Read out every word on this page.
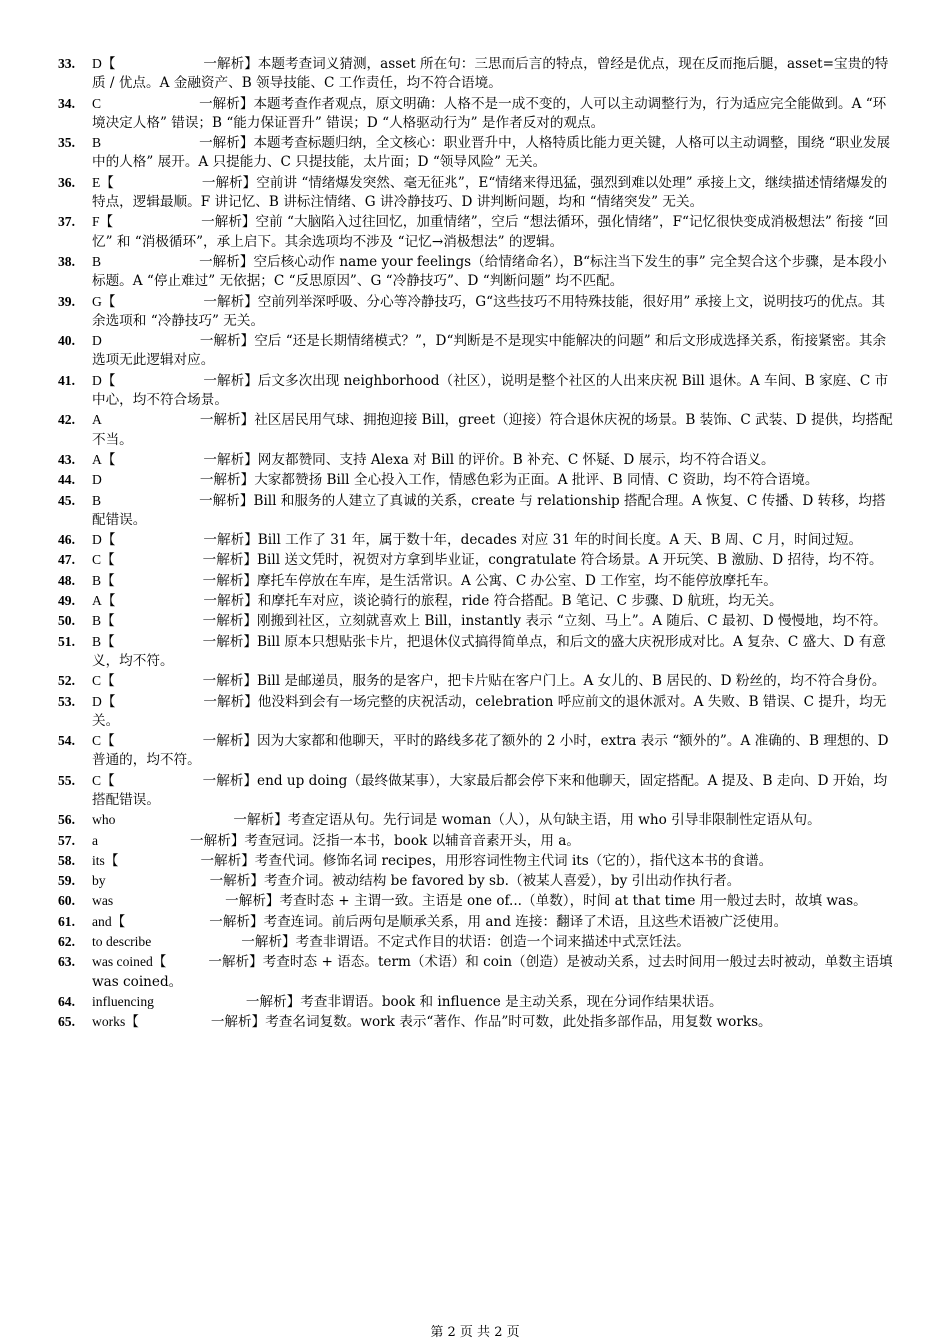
33. D【	一解析】本题考查词义猜测，asset 所在句：三思而后言的特点，曾经是优点，现在反而拖后腿，asset=宝贵的特质 / 优点。A 金融资产、B 领导技能、C 工作责任，均不符合语境。
34. C	一解析】本题考查作者观点，原文明确：人格不是一成不变的，人可以主动调整行为，行为适应完全能做到。A “环境决定人格” 错误；B “能力保证晋升” 错误；D “人格驱动行为” 是作者反对的观点。
35. B	一解析】本题考查标题归纳，全文核心：职业晋升中，人格特质比能力更关键，人格可以主动调整，围绕 “职业发展中的人格” 展开。A 只提能力、C 只提技能，太片面；D “领导风险” 无关。
36. E【	一解析】空前讲 “情绪爆发突然、毫无征兆”，E“情绪来得迅猛，强烈到难以处理” 承接上文，继续描述情绪爆发的特点，逻辑最顺。F 讲记忆、B 讲标注情绪、G 讲冷静技巧、D 讲判断问题，均和 “情绪突发” 无关。
37. F【	一解析】空前 “大脑陷入过往回忆，加重情绪”，空后 “想法循环，强化情绪”，F“记忆很快变成消极想法” 衔接 “回忆” 和 “消极循环”，承上启下。其余选项均不涉及 “记忆→消极想法” 的逻辑。
38. B	一解析】空后核心动作 name your feelings（给情绪命名），B“标注当下发生的事” 完全契合这个步骤，是本段小标题。A “停止难过” 无依据；C “反思原因”、G “冷静技巧”、D “判断问题” 均不匹配。
39. G【	一解析】空前列举深呼吸、分心等冷静技巧，G“这些技巧不用特殊技能，很好用” 承接上文，说明技巧的优点。其余选项和 “冷静技巧” 无关。
40. D	一解析】空后 “还是长期情绪模式？”，D“判断是不是现实中能解决的问题” 和后文形成选择关系，衔接紧密。其余选项无此逻辑对应。
41. D【	一解析】后文多次出现 neighborhood（社区），说明是整个社区的人出来庆祝 Bill 退休。A 车间、B 家庭、C 市中心，均不符合场景。
42. A	一解析】社区居民用气球、拥抱迎接 Bill，greet（迎接）符合退休庆祝的场景。B 装饰、C 武装、D 提供，均搭配不当。
43. A【	一解析】网友都赞同、支持 Alexa 对 Bill 的评价。B 补充、C 怀疑、D 展示，均不符合语义。
44. D	一解析】大家都赞扬 Bill 全心投入工作，情感色彩为正面。A 批评、B 同情、C 资助，均不符合语境。
45. B	一解析】Bill 和服务的人建立了真诚的关系，create 与 relationship 搭配合理。A 恢复、C 传播、D 转移，均搭配错误。
46. D【	一解析】Bill 工作了 31 年，属于数十年，decades 对应 31 年的时间长度。A 天、B 周、C 月，时间过短。
47. C【	一解析】Bill 送文凭时，祝贺对方拿到毕业证，congratulate 符合场景。A 开玩笑、B 激励、D 招待，均不符。
48. B【	一解析】摩托车停放在车库，是生活常识。A 公寓、C 办公室、D 工作室，均不能停放摩托车。
49. A【	一解析】和摩托车对应，谈论骑行的旅程，ride 符合搭配。B 笔记、C 步骤、D 航班，均无关。
50. B【	一解析】刚搬到社区，立刻就喜欢上 Bill，instantly 表示 “立刻、马上”。A 随后、C 最初、D 慢慢地，均不符。
51. B【	一解析】Bill 原本只想贴张卡片，把退休仪式搞得简单点，和后文的盛大庆祝形成对比。A 复杂、C 盛大、D 有意义，均不符。
52. C【	一解析】Bill 是邮递员，服务的是客户，把卡片贴在客户门上。A 女儿的、B 居民的、D 粉丝的，均不符合身份。
53. D【	一解析】他没料到会有一场完整的庆祝活动，celebration 呼应前文的退休派对。A 失败、B 错误、C 提升，均无关。
54. C【	一解析】因为大家都和他聊天，平时的路线多花了额外的 2 小时，extra 表示 “额外的”。A 准确的、B 理想的、D 普通的，均不符。
55. C【	一解析】end up doing（最终做某事），大家最后都会停下来和他聊天，固定搭配。A 提及、B 走向、D 开始，均搭配错误。
56. who	一解析】考查定语从句。先行词是 woman（人），从句缺主语，用 who 引导非限制性定语从句。
57. a	一解析】考查冠词。泛指一本书，book 以辅音音素开头，用 a。
58. its【	一解析】考查代词。修饰名词 recipes，用形容词性物主代词 its（它的），指代这本书的食谱。
59. by	一解析】考查介词。被动结构 be favored by sb.（被某人喜爱），by 引出动作执行者。
60. was	一解析】考查时态 + 主谓一致。主语是 one of...（单数），时间 at that time 用一般过去时，故填 was。
61. and【	一解析】考查连词。前后两句是顺承关系，用 and 连接：翻译了术语，且这些术语被广泛使用。
62. to describe	一解析】考查非谓语。不定式作目的状语：创造一个词来描述中式烹饪法。
63. was coined【	一解析】考查时态 + 语态。term（术语）和 coin（创造）是被动关系，过去时间用一般过去时被动，单数主语填 was coined。
64. influencing	一解析】考查非谓语。book 和 influence 是主动关系，现在分词作结果状语。
65. works【	一解析】考查名词复数。work 表示“著作、作品”时可数，此处指多部作品，用复数 works。
第 2 页 共 2 页
